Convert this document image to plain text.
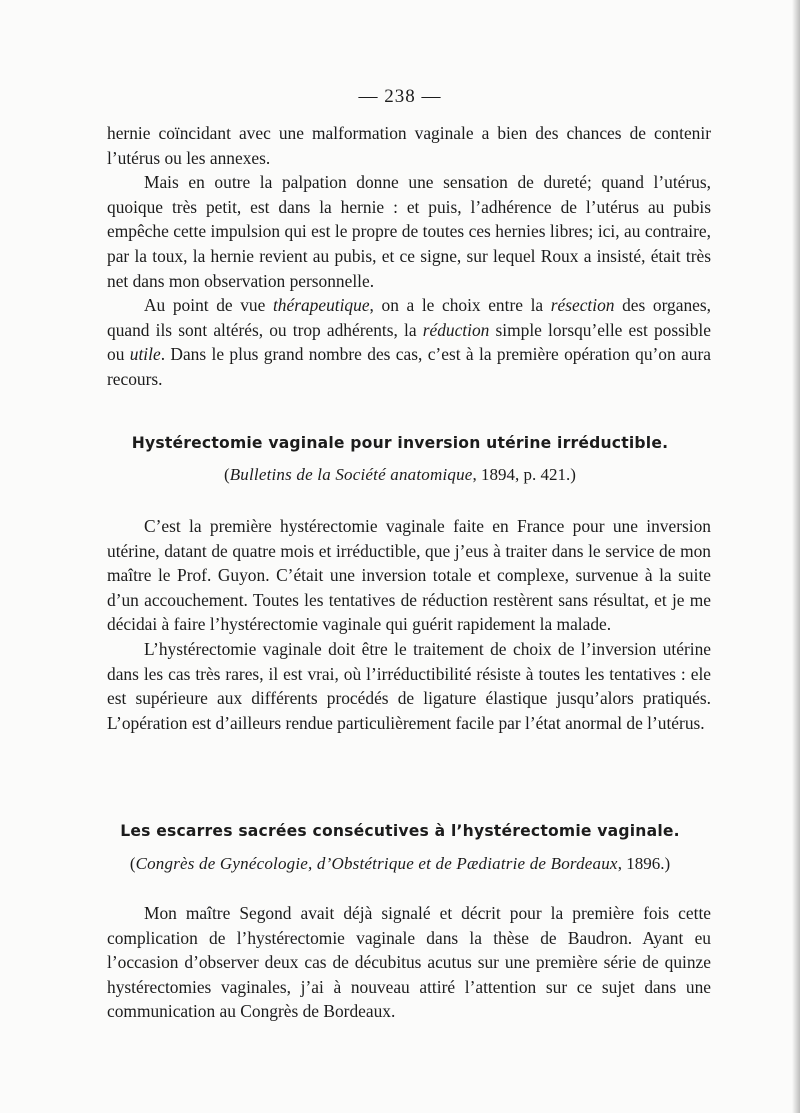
— 238 —

hernie coïncidant avec une malformation vaginale a bien des chances de contenir l’utérus ou les annexes.

Mais en outre la palpation donne une sensation de dureté; quand l’utérus, quoique très petit, est dans la hernie : et puis, l’adhérence de l’utérus au pubis empêche cette impulsion qui est le propre de toutes ces hernies libres; ici, au contraire, par la toux, la hernie revient au pubis, et ce signe, sur lequel Roux a insisté, était très net dans mon observation personnelle.

Au point de vue thérapeutique, on a le choix entre la résection des organes, quand ils sont altérés, ou trop adhérents, la réduction simple lorsqu’elle est possible ou utile. Dans le plus grand nombre des cas, c’est à la première opération qu’on aura recours.

Hystérectomie vaginale pour inversion utérine irréductible.
(Bulletins de la Société anatomique, 1894, p. 421.)

C’est la première hystérectomie vaginale faite en France pour une inversion utérine, datant de quatre mois et irréductible, que j’eus à traiter dans le service de mon maître le Prof. Guyon. C’était une inversion totale et complexe, survenue à la suite d’un accouchement. Toutes les tentatives de réduction restèrent sans résultat, et je me décidai à faire l’hystérectomie vaginale qui guérit rapidement la malade.

L’hystérectomie vaginale doit être le traitement de choix de l’inversion utérine dans les cas très rares, il est vrai, où l’irréductibilité résiste à toutes les tentatives : ele est supérieure aux différents procédés de ligature élastique jusqu’alors pratiqués. L’opération est d’ailleurs rendue particulièrement facile par l’état anormal de l’utérus.

Les escarres sacrées consécutives à l’hystérectomie vaginale.
(Congrès de Gynécologie, d’Obstétrique et de Pædiatrie de Bordeaux, 1896.)

Mon maître Segond avait déjà signalé et décrit pour la première fois cette complication de l’hystérectomie vaginale dans la thèse de Baudron. Ayant eu l’occasion d’observer deux cas de décubitus acutus sur une première série de quinze hystérectomies vaginales, j’ai à nouveau attiré l’attention sur ce sujet dans une communication au Congrès de Bordeaux.
